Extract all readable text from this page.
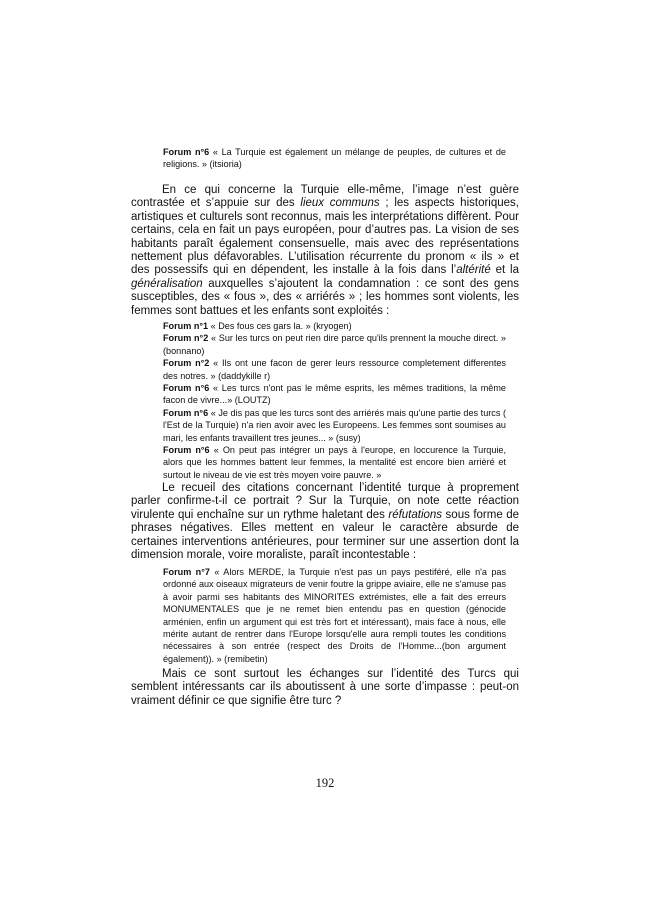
Forum n°6 « La Turquie est également un mélange de peuples, de cultures et de religions. » (itsioria)

En ce qui concerne la Turquie elle-même, l’image n’est guère contrastée et s’appuie sur des lieux communs ; les aspects historiques, artistiques et culturels sont reconnus, mais les interprétations diffèrent. Pour certains, cela en fait un pays européen, pour d’autres pas. La vision de ses habitants paraît également consensuelle, mais avec des représentations nettement plus défavorables. L’utilisation récurrente du pronom « ils » et des possessifs qui en dépendent, les installe à la fois dans l’altérité et la généralisation auxquelles s’ajoutent la condamnation : ce sont des gens susceptibles, des « fous », des « arriérés » ; les hommes sont violents, les femmes sont battues et les enfants sont exploités :

Forum n°1 « Des fous ces gars la. » (kryogen)

Forum n°2 « Sur les turcs on peut rien dire parce qu'ils prennent la mouche direct. » (bonnano)

Forum n°2 « Ils ont une facon de gerer leurs ressource completement differentes des notres. » (daddykille r)

Forum n°6 « Les turcs n'ont pas le même esprits, les mêmes traditions, la même facon de vivre...» (LOUTZ)

Forum n°6 « Je dis pas que les turcs sont des arriérés mais qu'une partie des turcs ( l'Est de la Turquie) n'a rien avoir avec les Europeens. Les femmes sont soumises au mari, les enfants travaillent tres jeunes... » (susy)

Forum n°6 « On peut pas intégrer un pays à l'europe, en loccurence la Turquie, alors que les hommes battent leur femmes, la mentalité est encore bien arrièré et surtout le niveau de vie est très moyen voire pauvre. »

Le recueil des citations concernant l’identité turque à proprement parler confirme-t-il ce portrait ? Sur la Turquie, on note cette réaction virulente qui enchaîne sur un rythme haletant des réfutations sous forme de phrases négatives. Elles mettent en valeur le caractère absurde de certaines interventions antérieures, pour terminer sur une assertion dont la dimension morale, voire moraliste, paraît incontestable :

Forum n°7 « Alors MERDE, la Turquie n'est pas un pays pestiféré, elle n'a pas ordonné aux oiseaux migrateurs de venir foutre la grippe aviaire, elle ne s'amuse pas à avoir parmi ses habitants des MINORITES extrémistes, elle a fait des erreurs MONUMENTALES que je ne remet bien entendu pas en question (génocide arménien, enfin un argument qui est très fort et intéressant), mais face à nous, elle mérite autant de rentrer dans l'Europe lorsqu'elle aura rempli toutes les conditions nécessaires à son entrée (respect des Droits de l'Homme...(bon argument également)). » (remibetin)

Mais ce sont surtout les échanges sur l’identité des Turcs qui semblent intéressants car ils aboutissent à une sorte d’impasse : peut-on vraiment définir ce que signifie être turc ?

192
